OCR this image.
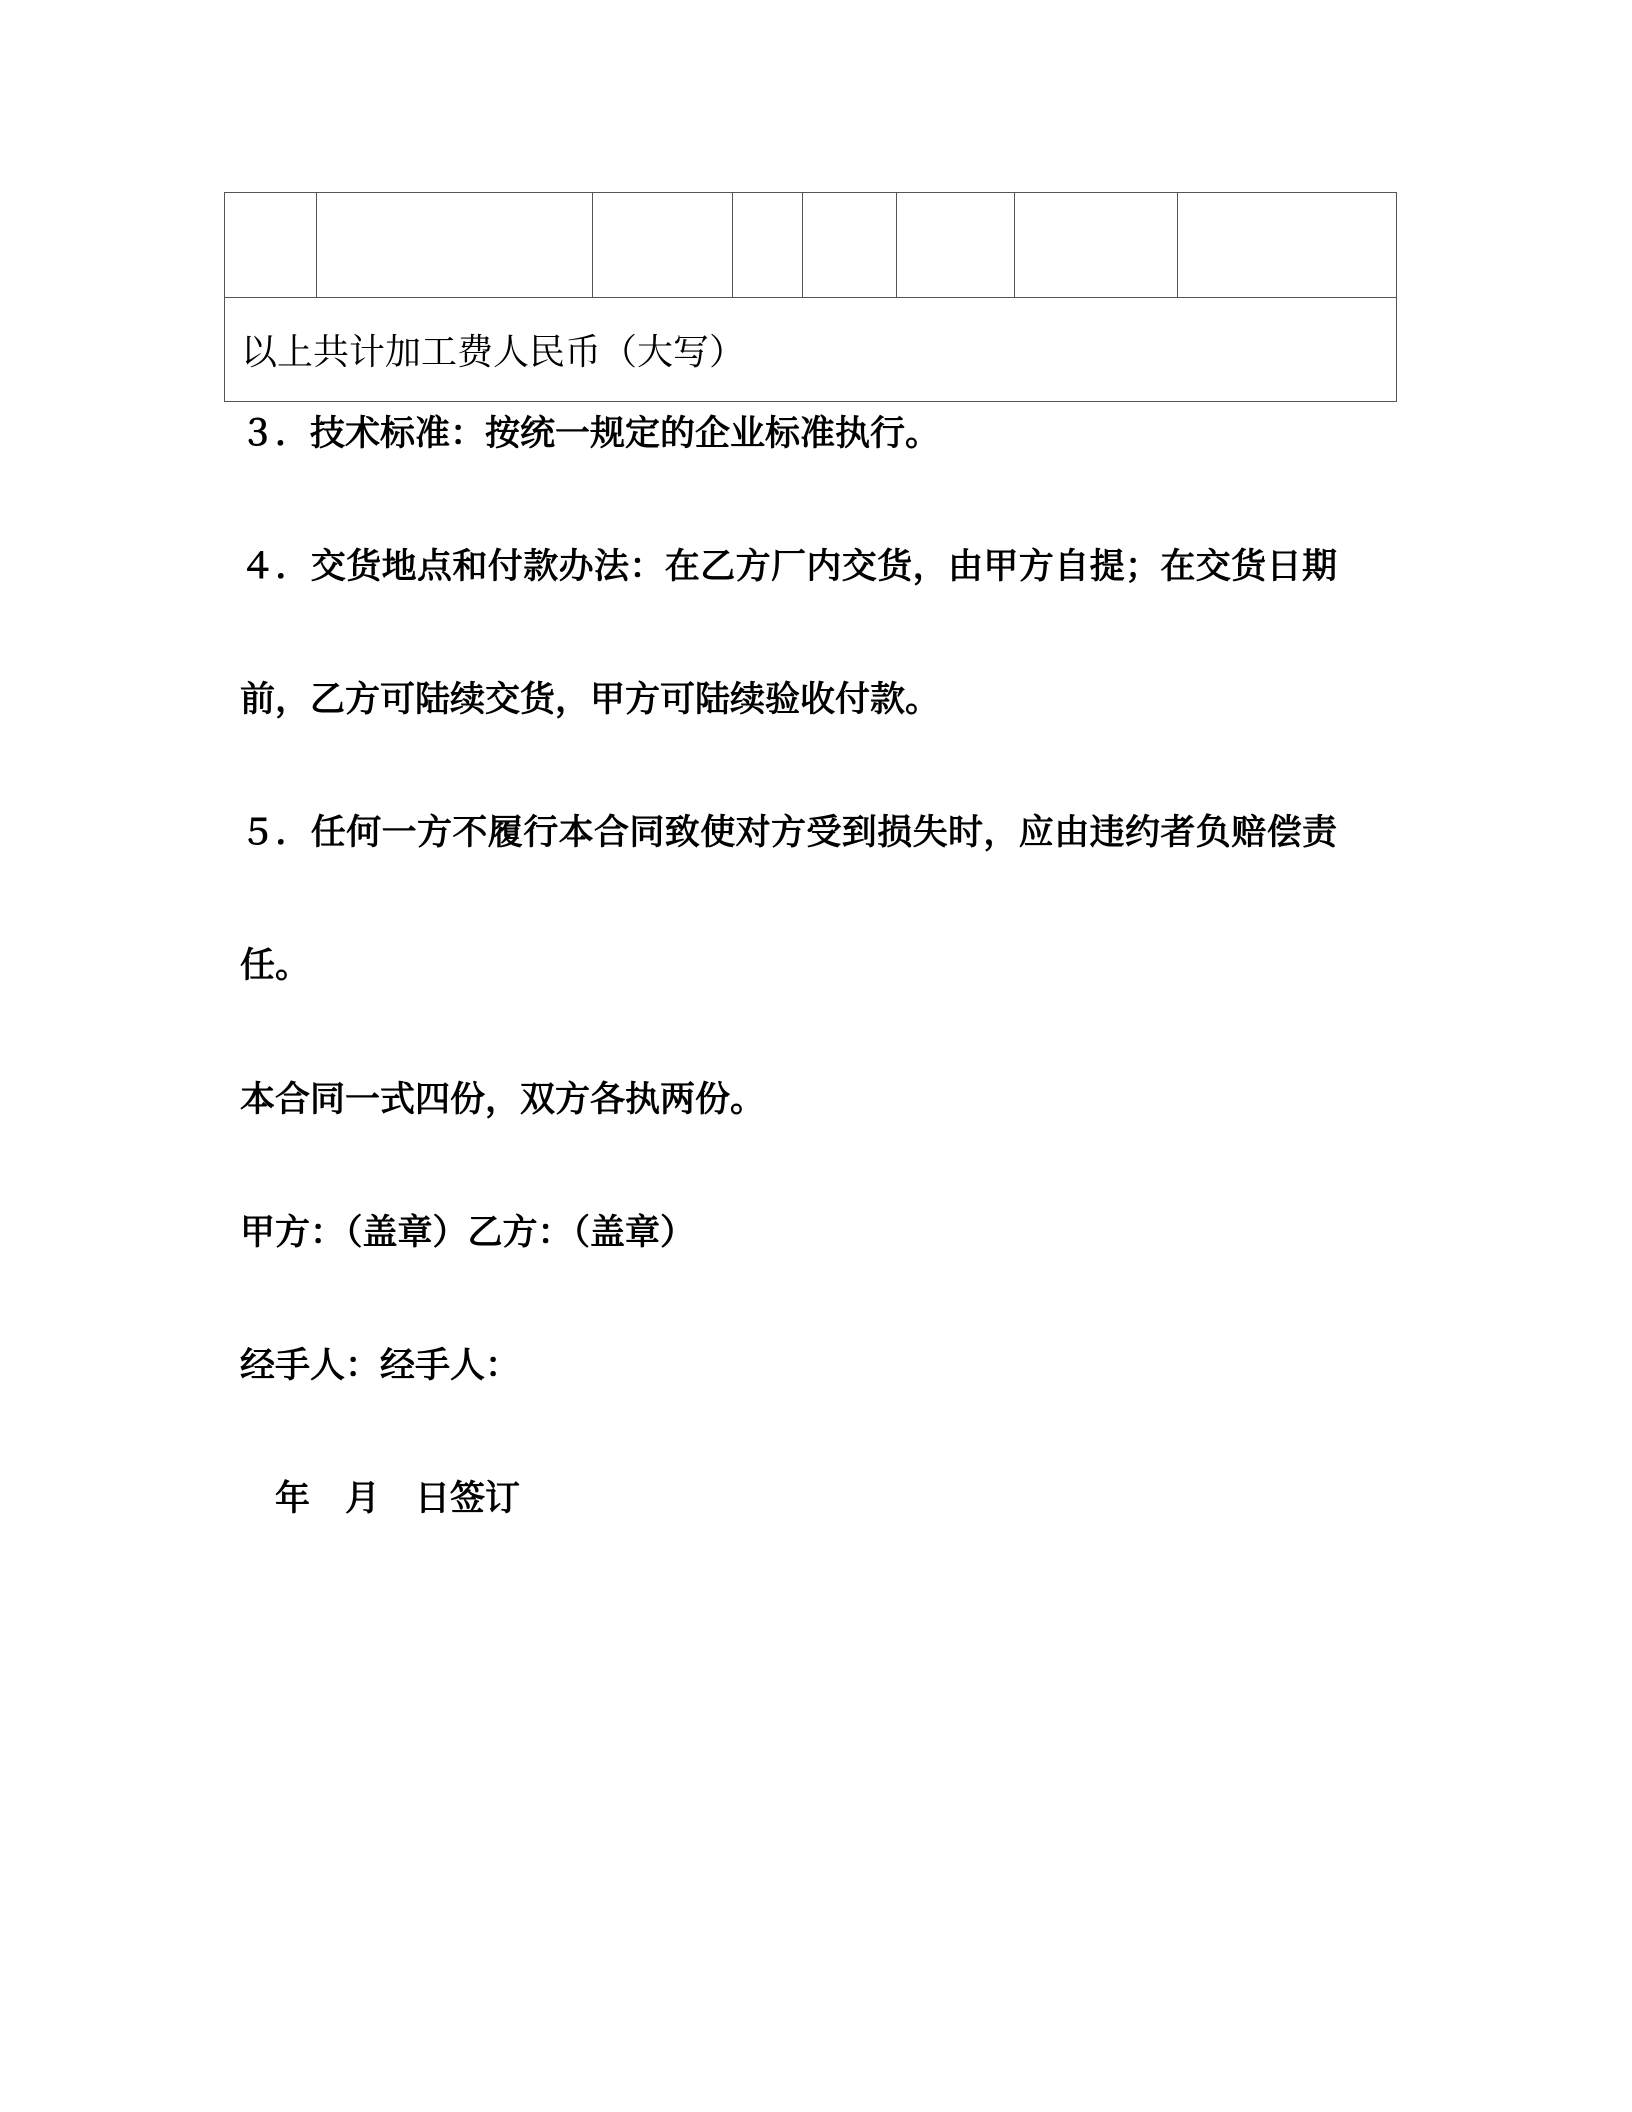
以上共计加工费人民币（大写）
３．技术标准：按统一规定的企业标准执行。
４．交货地点和付款办法：在乙方厂内交货，由甲方自提；在交货日期
前，乙方可陆续交货，甲方可陆续验收付款。
５．任何一方不履行本合同致使对方受到损失时，应由违约者负赔偿责
任。
本合同一式四份，双方各执两份。
甲方：（盖章）乙方：（盖章）
经手人：经手人：
　年　月　日签订
